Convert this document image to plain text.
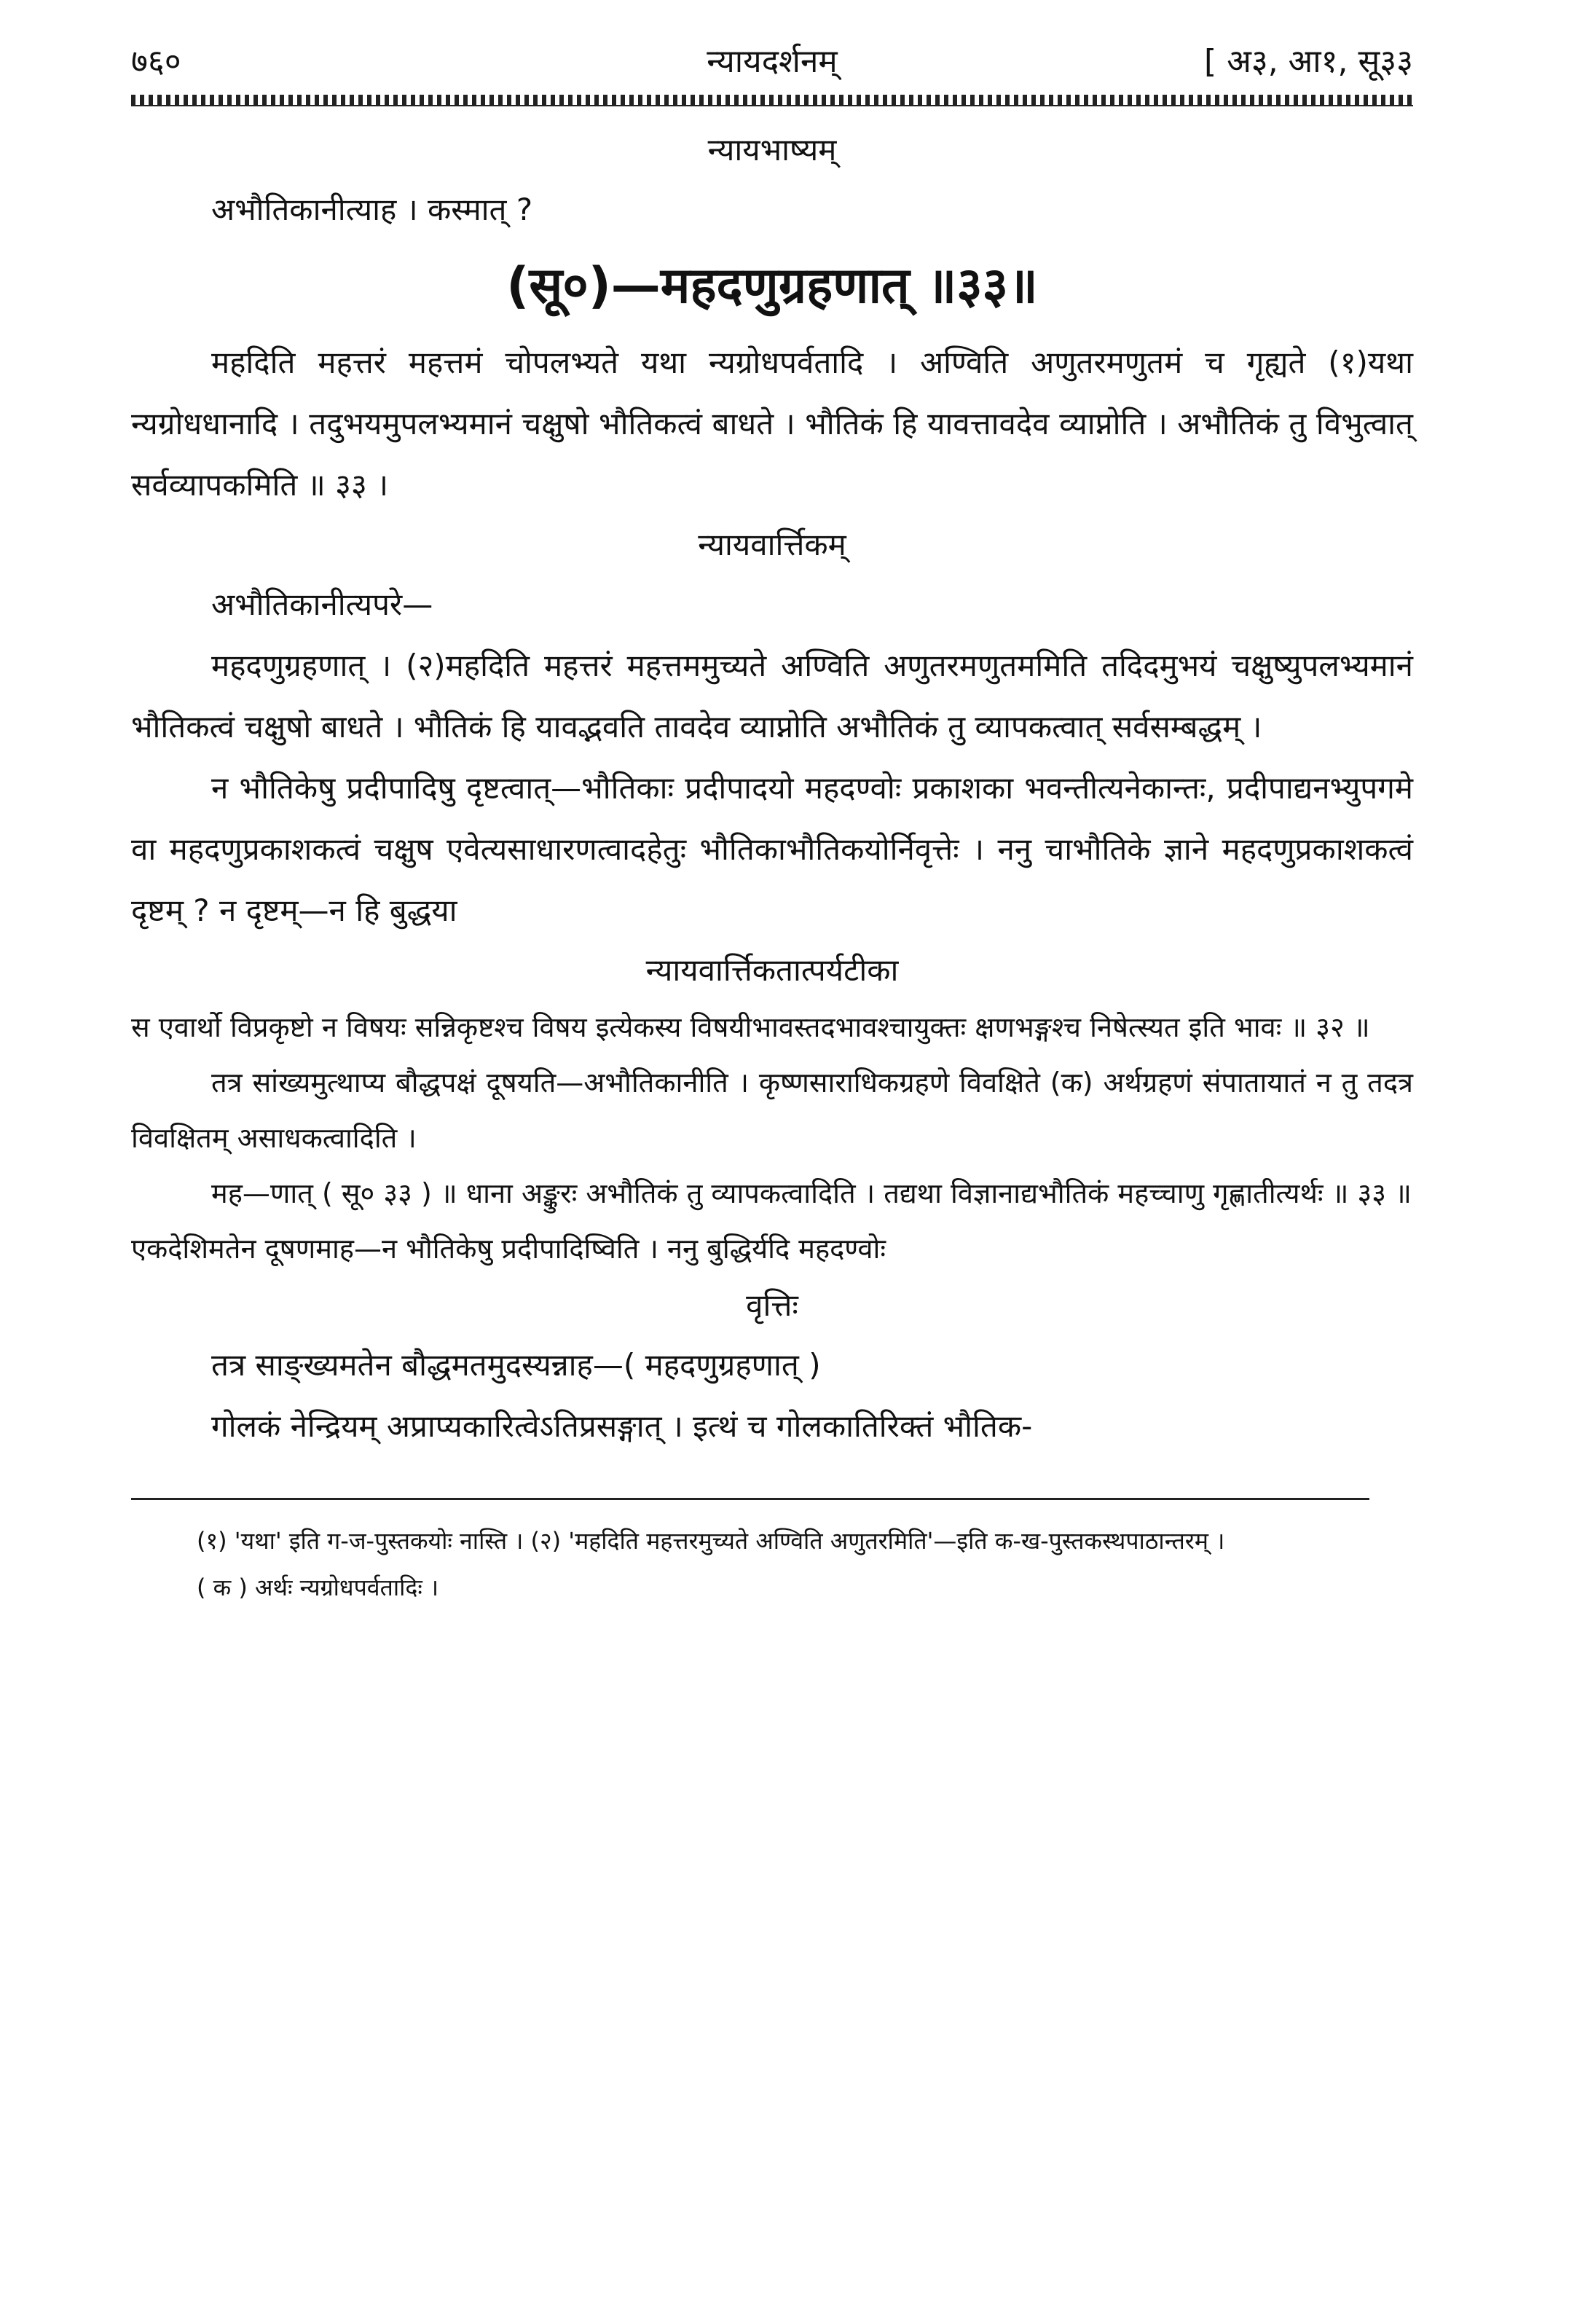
७६०	न्यायदर्शनम्	[ अ३, आ१, सू३३
न्यायभाष्यम्

अभौतिकानीत्याह । कस्मात् ?

(सू०)—महदणुग्रहणात् ॥३३॥

महदिति महत्तरं महत्तमं चोपलभ्यते यथा न्यग्रोधपर्वतादि । अण्विति अणुतरमणुतमं च गृह्यते (१)यथा न्यग्रोधधानादि । तदुभयमुपलभ्यमानं चक्षुषो भौतिकत्वं बाधते । भौतिकं हि यावत्तावदेव व्याप्नोति । अभौतिकं तु विभुत्वात् सर्वव्यापकमिति ॥ ३३ ।

न्यायवार्त्तिकम्

अभौतिकानीत्यपरे—

महदणुग्रहणात् । (२)महदिति महत्तरं महत्तममुच्यते अण्विति अणुतरमणुतममिति तदिदमुभयं चक्षुष्युपलभ्यमानं भौतिकत्वं चक्षुषो बाधते । भौतिकं हि यावद्भवति तावदेव व्याप्नोति अभौतिकं तु व्यापकत्वात् सर्वसम्बद्धम् ।

न भौतिकेषु प्रदीपादिषु दृष्टत्वात्—भौतिकाः प्रदीपादयो महदण्वोः प्रकाशका भवन्तीत्यनेकान्तः, प्रदीपाद्यनभ्युपगमे वा महदणुप्रकाशकत्वं चक्षुष एवेत्यसाधारणत्वादहेतुः भौतिकाभौतिकयोर्निवृत्तेः । ननु चाभौतिके ज्ञाने महदणुप्रकाशकत्वं दृष्टम् ? न दृष्टम्—न हि बुद्धया

न्यायवार्त्तिकतात्पर्यटीका

स एवार्थो विप्रकृष्टो न विषयः सन्निकृष्टश्च विषय इत्येकस्य विषयीभावस्तदभावश्चायुक्तः क्षणभङ्गश्च निषेत्स्यत इति भावः ॥ ३२ ॥

तत्र सांख्यमुत्थाप्य बौद्धपक्षं दूषयति—अभौतिकानीति । कृष्णसाराधिकग्रहणे विवक्षिते (क) अर्थग्रहणं संपातायातं न तु तदत्र विवक्षितम् असाधकत्वादिति ।

मह—णात् ( सू० ३३ ) ॥ धाना अङ्कुरः अभौतिकं तु व्यापकत्वादिति । तद्यथा विज्ञानाद्यभौतिकं महच्चाणु गृह्णातीत्यर्थः ॥ ३३ ॥

एकदेशिमतेन दूषणमाह—न भौतिकेषु प्रदीपादिष्विति । ननु बुद्धिर्यदि महदण्वोः

वृत्तिः

तत्र साङ्ख्यमतेन बौद्धमतमुदस्यन्नाह—( महदणुग्रहणात् )

गोलकं नेन्द्रियम् अप्राप्यकारित्वेऽतिप्रसङ्गात् । इत्थं च गोलकातिरिक्तं भौतिक-

(१) 'यथा' इति ग-ज-पुस्तकयोः नास्ति । (२) 'महदिति महत्तरमुच्यते अण्विति अणुतरमिति'—इति क-ख-पुस्तकस्थपाठान्तरम् ।

( क ) अर्थः न्यग्रोधपर्वतादिः ।
